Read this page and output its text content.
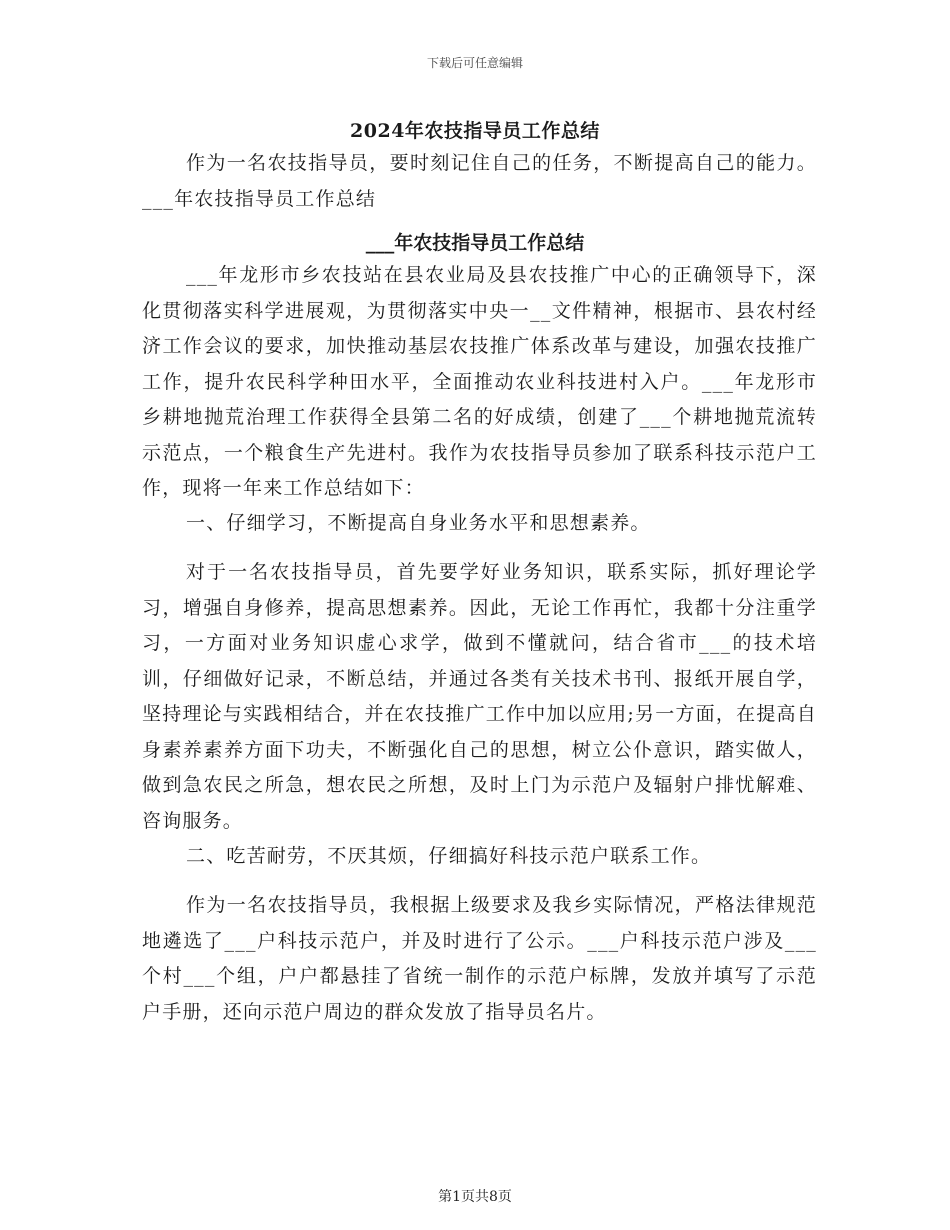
下载后可任意编辑
2024年农技指导员工作总结

作为一名农技指导员，要时刻记住自己的任务，不断提高自己的能力。___年农技指导员工作总结

___年农技指导员工作总结

___年龙形市乡农技站在县农业局及县农技推广中心的正确领导下，深化贯彻落实科学进展观，为贯彻落实中央一__文件精神，根据市、县农村经济工作会议的要求，加快推动基层农技推广体系改革与建设，加强农技推广工作，提升农民科学种田水平，全面推动农业科技进村入户。___年龙形市乡耕地抛荒治理工作获得全县第二名的好成绩，创建了___个耕地抛荒流转示范点，一个粮食生产先进村。我作为农技指导员参加了联系科技示范户工作，现将一年来工作总结如下：

一、仔细学习，不断提高自身业务水平和思想素养。

对于一名农技指导员，首先要学好业务知识，联系实际，抓好理论学习，增强自身修养，提高思想素养。因此，无论工作再忙，我都十分注重学习，一方面对业务知识虚心求学，做到不懂就问，结合省市___的技术培训，仔细做好记录，不断总结，并通过各类有关技术书刊、报纸开展自学，坚持理论与实践相结合，并在农技推广工作中加以应用;另一方面，在提高自身素养素养方面下功夫，不断强化自己的思想，树立公仆意识，踏实做人，做到急农民之所急，想农民之所想，及时上门为示范户及辐射户排忧解难、咨询服务。

二、吃苦耐劳，不厌其烦，仔细搞好科技示范户联系工作。

作为一名农技指导员，我根据上级要求及我乡实际情况，严格法律规范地遴选了___户科技示范户，并及时进行了公示。___户科技示范户涉及___个村___个组，户户都悬挂了省统一制作的示范户标牌，发放并填写了示范户手册，还向示范户周边的群众发放了指导员名片。

第1页共8页
